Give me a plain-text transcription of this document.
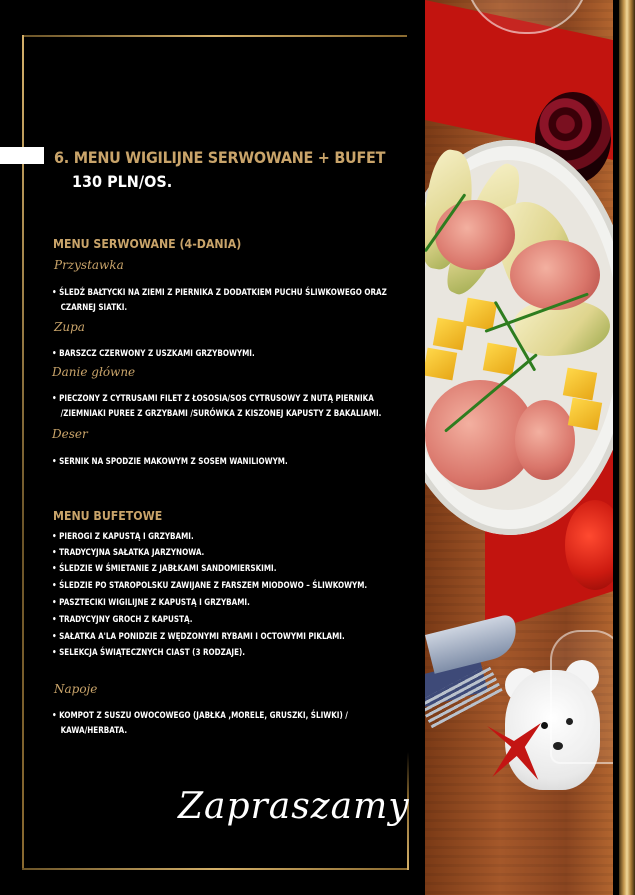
6. MENU WIGILIJNE SERWOWANE + BUFET
130 PLN/OS.
MENU SERWOWANE (4-DANIA)
Przystawka
• ŚLEDŹ BAŁTYCKI NA ZIEMI Z PIERNIKA Z DODATKIEM PUCHU ŚLIWKOWEGO ORAZ
CZARNEJ SIATKI.
Zupa
• BARSZCZ CZERWONY Z USZKAMI GRZYBOWYMI.
Danie główne
• PIECZONY Z CYTRUSAMI FILET Z ŁOSOSIA/SOS CYTRUSOWY Z NUTĄ PIERNIKA
/ZIEMNIAKI PUREE Z GRZYBAMI /SURÓWKA Z KISZONEJ KAPUSTY Z BAKALIAMI.
Deser
• SERNIK NA SPODZIE MAKOWYM Z SOSEM WANILIOWYM.
MENU BUFETOWE
• PIEROGI Z KAPUSTĄ I GRZYBAMI.
• TRADYCYJNA SAŁATKA JARZYNOWA.
• ŚLEDZIE W ŚMIETANIE Z JABŁKAMI SANDOMIERSKIMI.
• ŚLEDZIE PO STAROPOLSKU ZAWIJANE Z FARSZEM MIODOWO – ŚLIWKOWYM.
• PASZTECIKI WIGILIJNE Z KAPUSTĄ I GRZYBAMI.
• TRADYCYJNY GROCH Z KAPUSTĄ.
• SAŁATKA A'LA PONIDZIE Z WĘDZONYMI RYBAMI I OCTOWYMI PIKLAMI.
• SELEKCJA ŚWIĄTECZNYCH CIAST (3 RODZAJE).
Napoje
• KOMPOT Z SUSZU OWOCOWEGO (JABŁKA ,MORELE, GRUSZKI, ŚLIWKI) /
KAWA/HERBATA.
Zapraszamy
